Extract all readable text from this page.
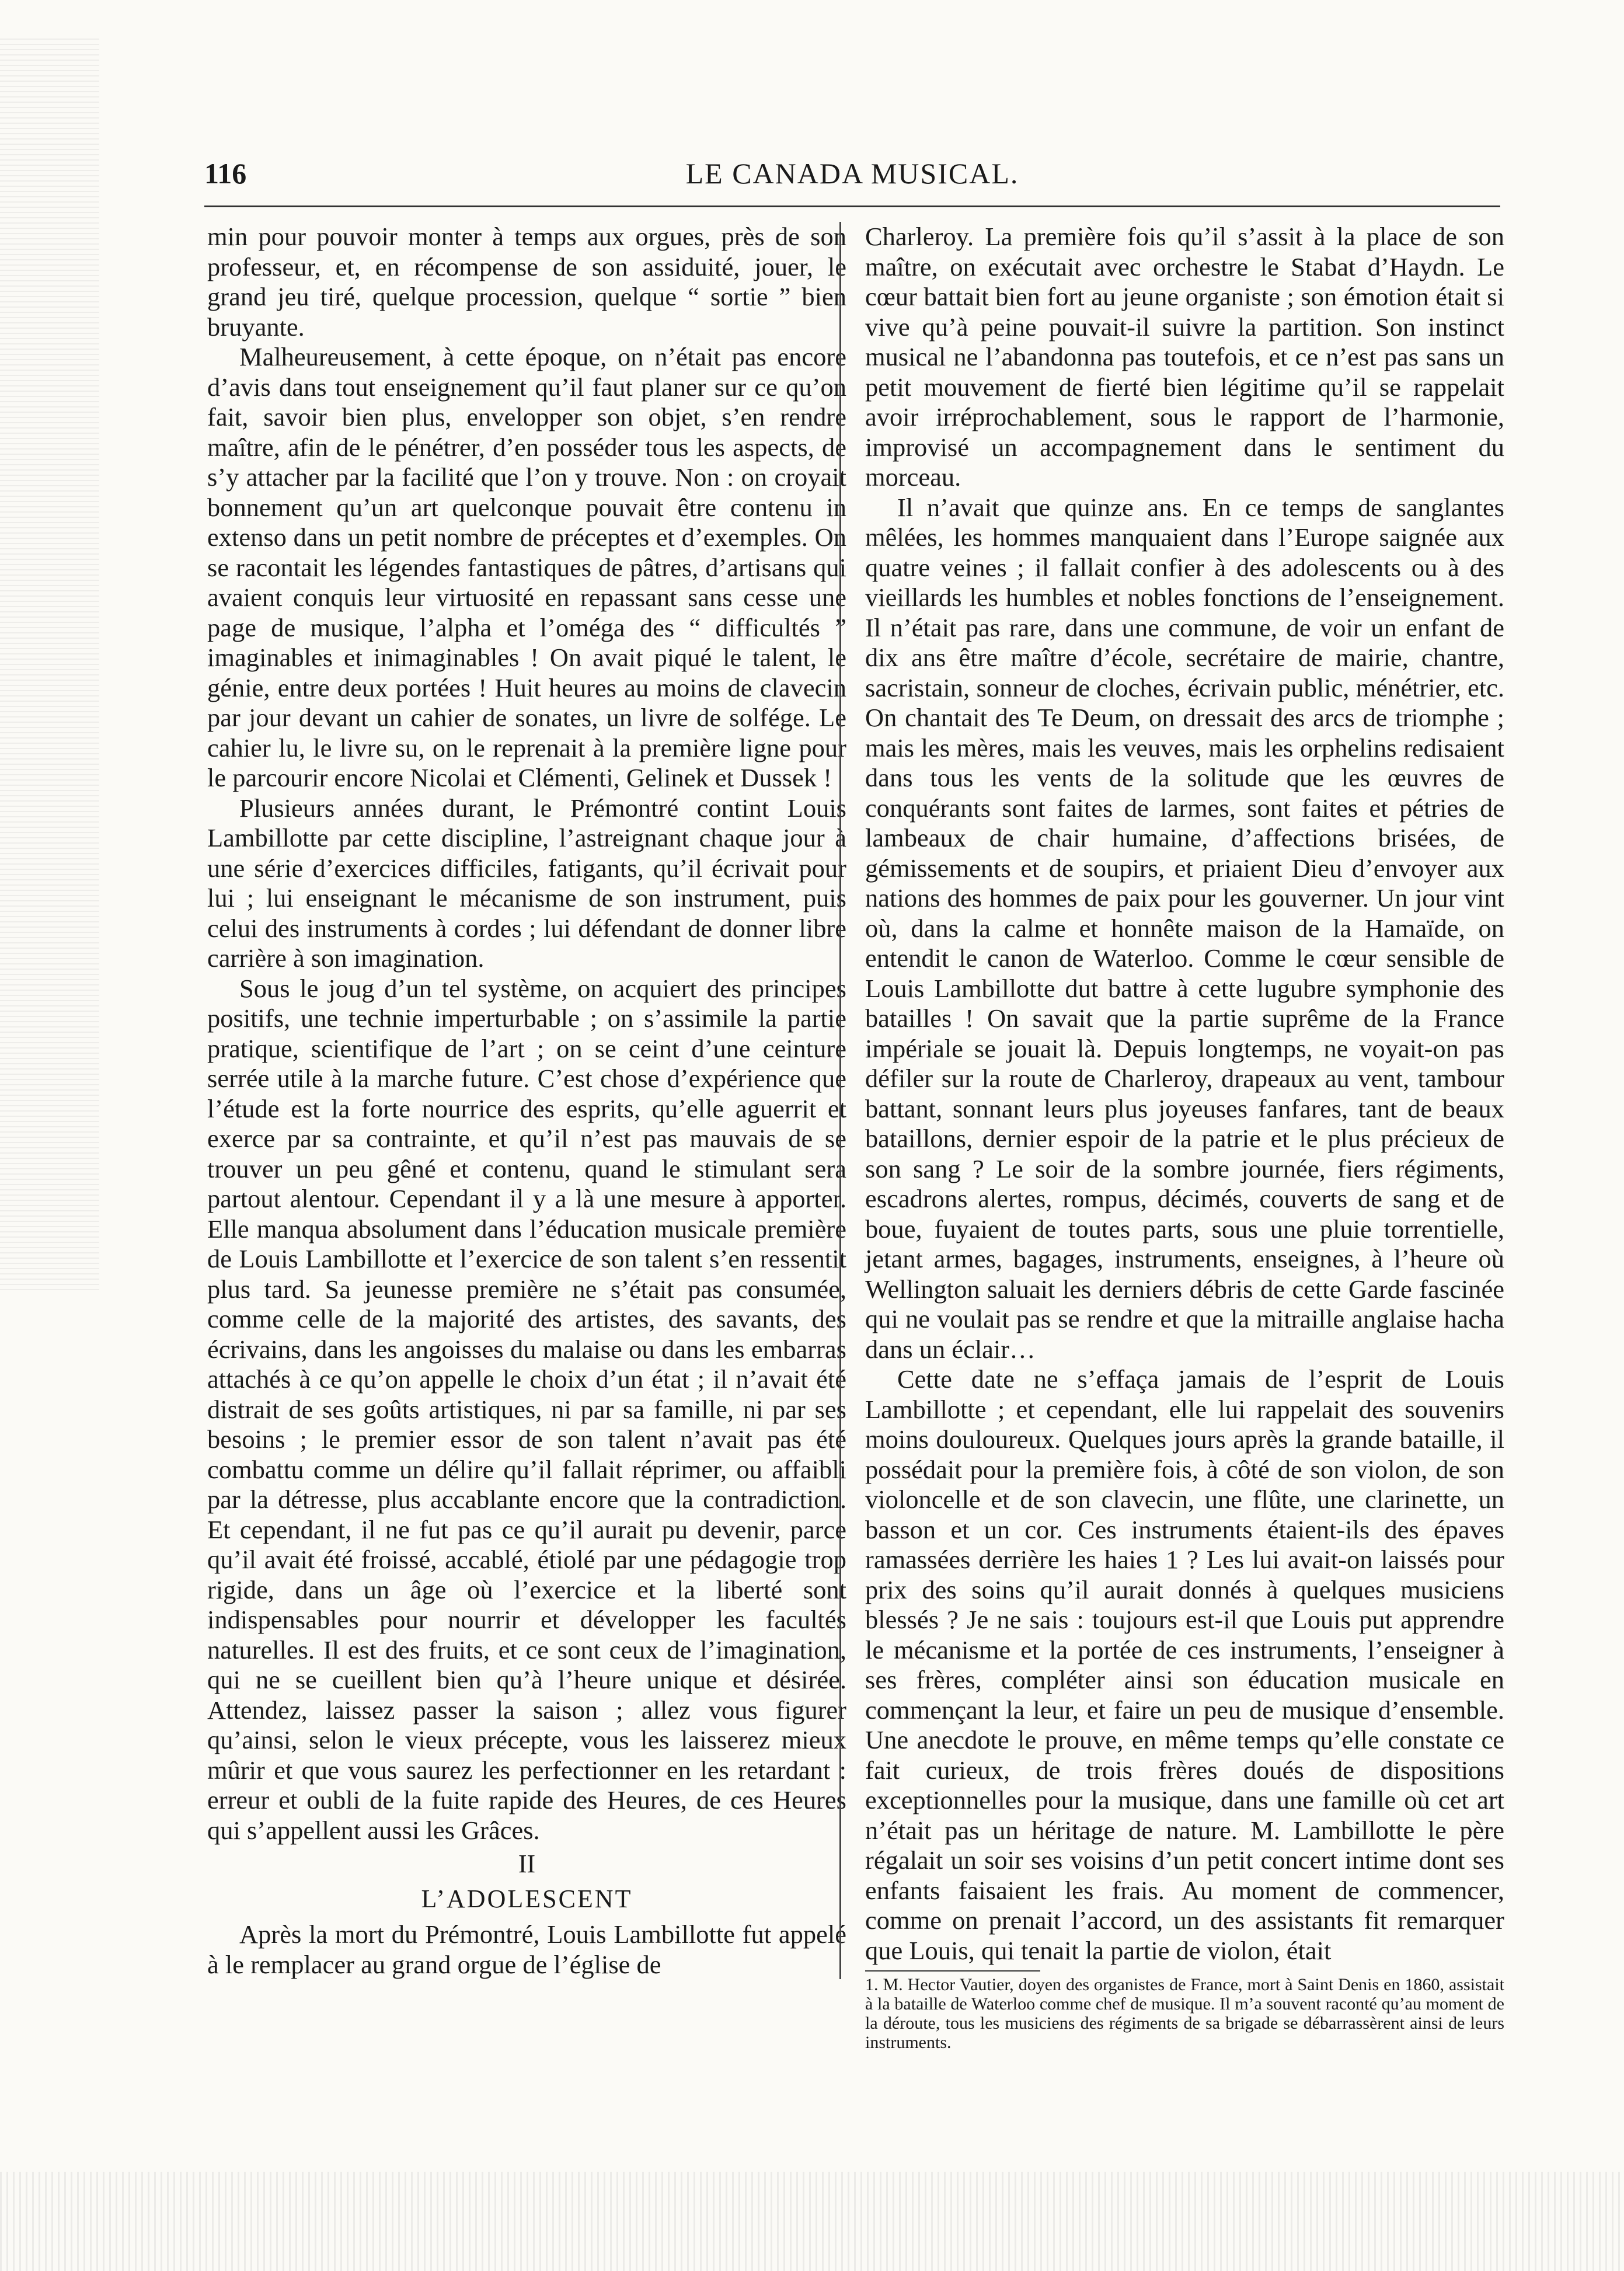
116	LE CANADA MUSICAL.

min pour pouvoir monter à temps aux orgues, près de son professeur, et, en récompense de son assiduité, jouer, le grand jeu tiré, quelque procession, quelque “ sortie ” bien bruyante.

Malheureusement, à cette époque, on n’était pas encore d’avis dans tout enseignement qu’il faut planer sur ce qu’on fait, savoir bien plus, envelopper son objet, s’en rendre maître, afin de le pénétrer, d’en posséder tous les aspects, de s’y attacher par la facilité que l’on y trouve. Non : on croyait bonnement qu’un art quelconque pouvait être contenu in extenso dans un petit nombre de préceptes et d’exemples. On se racontait les légendes fantastiques de pâtres, d’artisans qui avaient conquis leur virtuosité en repassant sans cesse une page de musique, l’alpha et l’oméga des “ difficultés ” imaginables et inimaginables ! On avait piqué le talent, le génie, entre deux portées ! Huit heures au moins de clavecin par jour devant un cahier de sonates, un livre de solfége. Le cahier lu, le livre su, on le reprenait à la première ligne pour le parcourir encore Nicolai et Clémenti, Gelinek et Dussek !

Plusieurs années durant, le Prémontré contint Louis Lambillotte par cette discipline, l’astreignant chaque jour à une série d’exercices difficiles, fatigants, qu’il écrivait pour lui ; lui enseignant le mécanisme de son instrument, puis celui des instruments à cordes ; lui défendant de donner libre carrière à son imagination.

Sous le joug d’un tel système, on acquiert des principes positifs, une technie imperturbable ; on s’assimile la partie pratique, scientifique de l’art ; on se ceint d’une ceinture serrée utile à la marche future. C’est chose d’expérience que l’étude est la forte nourrice des esprits, qu’elle aguerrit et exerce par sa contrainte, et qu’il n’est pas mauvais de se trouver un peu gêné et contenu, quand le stimulant sera partout alentour. Cependant il y a là une mesure à apporter. Elle manqua absolument dans l’éducation musicale première de Louis Lambillotte et l’exercice de son talent s’en ressentit plus tard. Sa jeunesse première ne s’était pas consumée, comme celle de la majorité des artistes, des savants, des écrivains, dans les angoisses du malaise ou dans les embarras attachés à ce qu’on appelle le choix d’un état ; il n’avait été distrait de ses goûts artistiques, ni par sa famille, ni par ses besoins ; le premier essor de son talent n’avait pas été combattu comme un délire qu’il fallait réprimer, ou affaibli par la détresse, plus accablante encore que la contradiction. Et cependant, il ne fut pas ce qu’il aurait pu devenir, parce qu’il avait été froissé, accablé, étiolé par une pédagogie trop rigide, dans un âge où l’exercice et la liberté sont indispensables pour nourrir et développer les facultés naturelles. Il est des fruits, et ce sont ceux de l’imagination, qui ne se cueillent bien qu’à l’heure unique et désirée. Attendez, laissez passer la saison ; allez vous figurer qu’ainsi, selon le vieux précepte, vous les laisserez mieux mûrir et que vous saurez les perfectionner en les retardant : erreur et oubli de la fuite rapide des Heures, de ces Heures qui s’appellent aussi les Grâces.

II
L’ADOLESCENT

Après la mort du Prémontré, Louis Lambillotte fut appelé à le remplacer au grand orgue de l’église de

Charleroy. La première fois qu’il s’assit à la place de son maître, on exécutait avec orchestre le Stabat d’Haydn. Le cœur battait bien fort au jeune organiste ; son émotion était si vive qu’à peine pouvait-il suivre la partition. Son instinct musical ne l’abandonna pas toutefois, et ce n’est pas sans un petit mouvement de fierté bien légitime qu’il se rappelait avoir irréprochablement, sous le rapport de l’harmonie, improvisé un accompagnement dans le sentiment du morceau.

Il n’avait que quinze ans. En ce temps de sanglantes mêlées, les hommes manquaient dans l’Europe saignée aux quatre veines ; il fallait confier à des adolescents ou à des vieillards les humbles et nobles fonctions de l’enseignement. Il n’était pas rare, dans une commune, de voir un enfant de dix ans être maître d’école, secrétaire de mairie, chantre, sacristain, sonneur de cloches, écrivain public, ménétrier, etc. On chantait des Te Deum, on dressait des arcs de triomphe ; mais les mères, mais les veuves, mais les orphelins redisaient dans tous les vents de la solitude que les œuvres de conquérants sont faites de larmes, sont faites et pétries de lambeaux de chair humaine, d’affections brisées, de gémissements et de soupirs, et priaient Dieu d’envoyer aux nations des hommes de paix pour les gouverner. Un jour vint où, dans la calme et honnête maison de la Hamaïde, on entendit le canon de Waterloo. Comme le cœur sensible de Louis Lambillotte dut battre à cette lugubre symphonie des batailles ! On savait que la partie suprême de la France impériale se jouait là. Depuis longtemps, ne voyait-on pas défiler sur la route de Charleroy, drapeaux au vent, tambour battant, sonnant leurs plus joyeuses fanfares, tant de beaux bataillons, dernier espoir de la patrie et le plus précieux de son sang ? Le soir de la sombre journée, fiers régiments, escadrons alertes, rompus, décimés, couverts de sang et de boue, fuyaient de toutes parts, sous une pluie torrentielle, jetant armes, bagages, instruments, enseignes, à l’heure où Wellington saluait les derniers débris de cette Garde fascinée qui ne voulait pas se rendre et que la mitraille anglaise hacha dans un éclair…

Cette date ne s’effaça jamais de l’esprit de Louis Lambillotte ; et cependant, elle lui rappelait des souvenirs moins douloureux. Quelques jours après la grande bataille, il possédait pour la première fois, à côté de son violon, de son violoncelle et de son clavecin, une flûte, une clarinette, un basson et un cor. Ces instruments étaient-ils des épaves ramassées derrière les haies 1 ? Les lui avait-on laissés pour prix des soins qu’il aurait donnés à quelques musiciens blessés ? Je ne sais : toujours est-il que Louis put apprendre le mécanisme et la portée de ces instruments, l’enseigner à ses frères, compléter ainsi son éducation musicale en commençant la leur, et faire un peu de musique d’ensemble. Une anecdote le prouve, en même temps qu’elle constate ce fait curieux, de trois frères doués de dispositions exceptionnelles pour la musique, dans une famille où cet art n’était pas un héritage de nature. M. Lambillotte le père régalait un soir ses voisins d’un petit concert intime dont ses enfants faisaient les frais. Au moment de commencer, comme on prenait l’accord, un des assistants fit remarquer que Louis, qui tenait la partie de violon, était

1. M. Hector Vautier, doyen des organistes de France, mort à Saint Denis en 1860, assistait à la bataille de Waterloo comme chef de musique. Il m’a souvent raconté qu’au moment de la déroute, tous les musiciens des régiments de sa brigade se débarrassèrent ainsi de leurs instruments.
